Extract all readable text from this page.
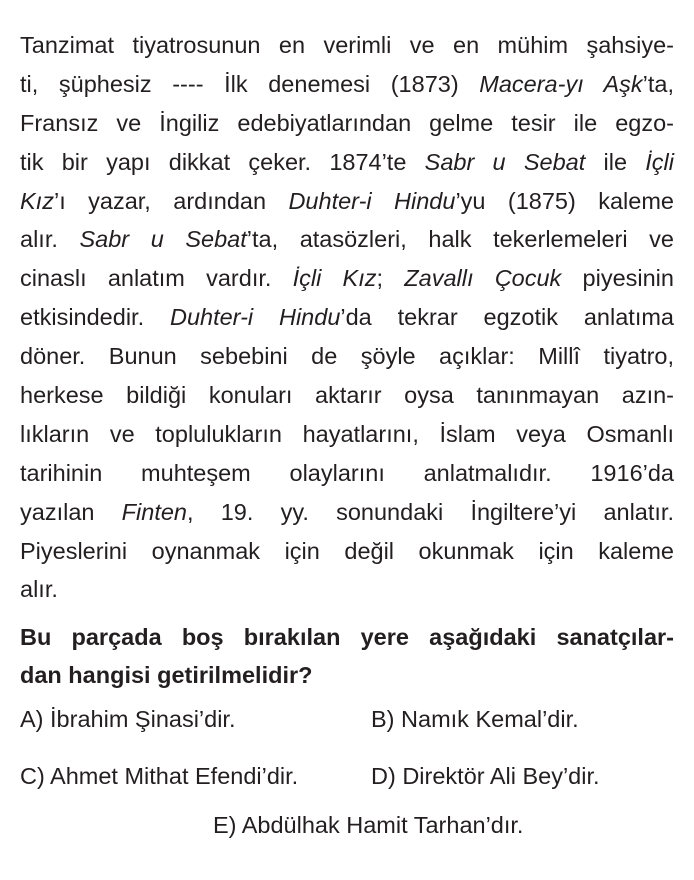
Tanzimat tiyatrosunun en verimli ve en mühim şahsiye-
ti, şüphesiz ---- İlk denemesi (1873) Macera-yı Aşk’ta,
Fransız ve İngiliz edebiyatlarından gelme tesir ile egzo-
tik bir yapı dikkat çeker. 1874’te Sabr u Sebat ile İçli
Kız’ı yazar, ardından Duhter-i Hindu’yu (1875) kaleme
alır. Sabr u Sebat’ta, atasözleri, halk tekerlemeleri ve
cinaslı anlatım vardır. İçli Kız; Zavallı Çocuk piyesinin
etkisindedir. Duhter-i Hindu’da tekrar egzotik anlatıma
döner. Bunun sebebini de şöyle açıklar: Millî tiyatro,
herkese bildiği konuları aktarır oysa tanınmayan azın-
lıkların ve toplulukların hayatlarını, İslam veya Osmanlı
tarihinin muhteşem olaylarını anlatmalıdır. 1916’da
yazılan Finten, 19. yy. sonundaki İngiltere’yi anlatır.
Piyeslerini oynanmak için değil okunmak için kaleme
alır.
Bu parçada boş bırakılan yere aşağıdaki sanatçılar-
dan hangisi getirilmelidir?
A) İbrahim Şinasi’dir.	B) Namık Kemal’dir.
C) Ahmet Mithat Efendi’dir.	D) Direktör Ali Bey’dir.
E) Abdülhak Hamit Tarhan’dır.
